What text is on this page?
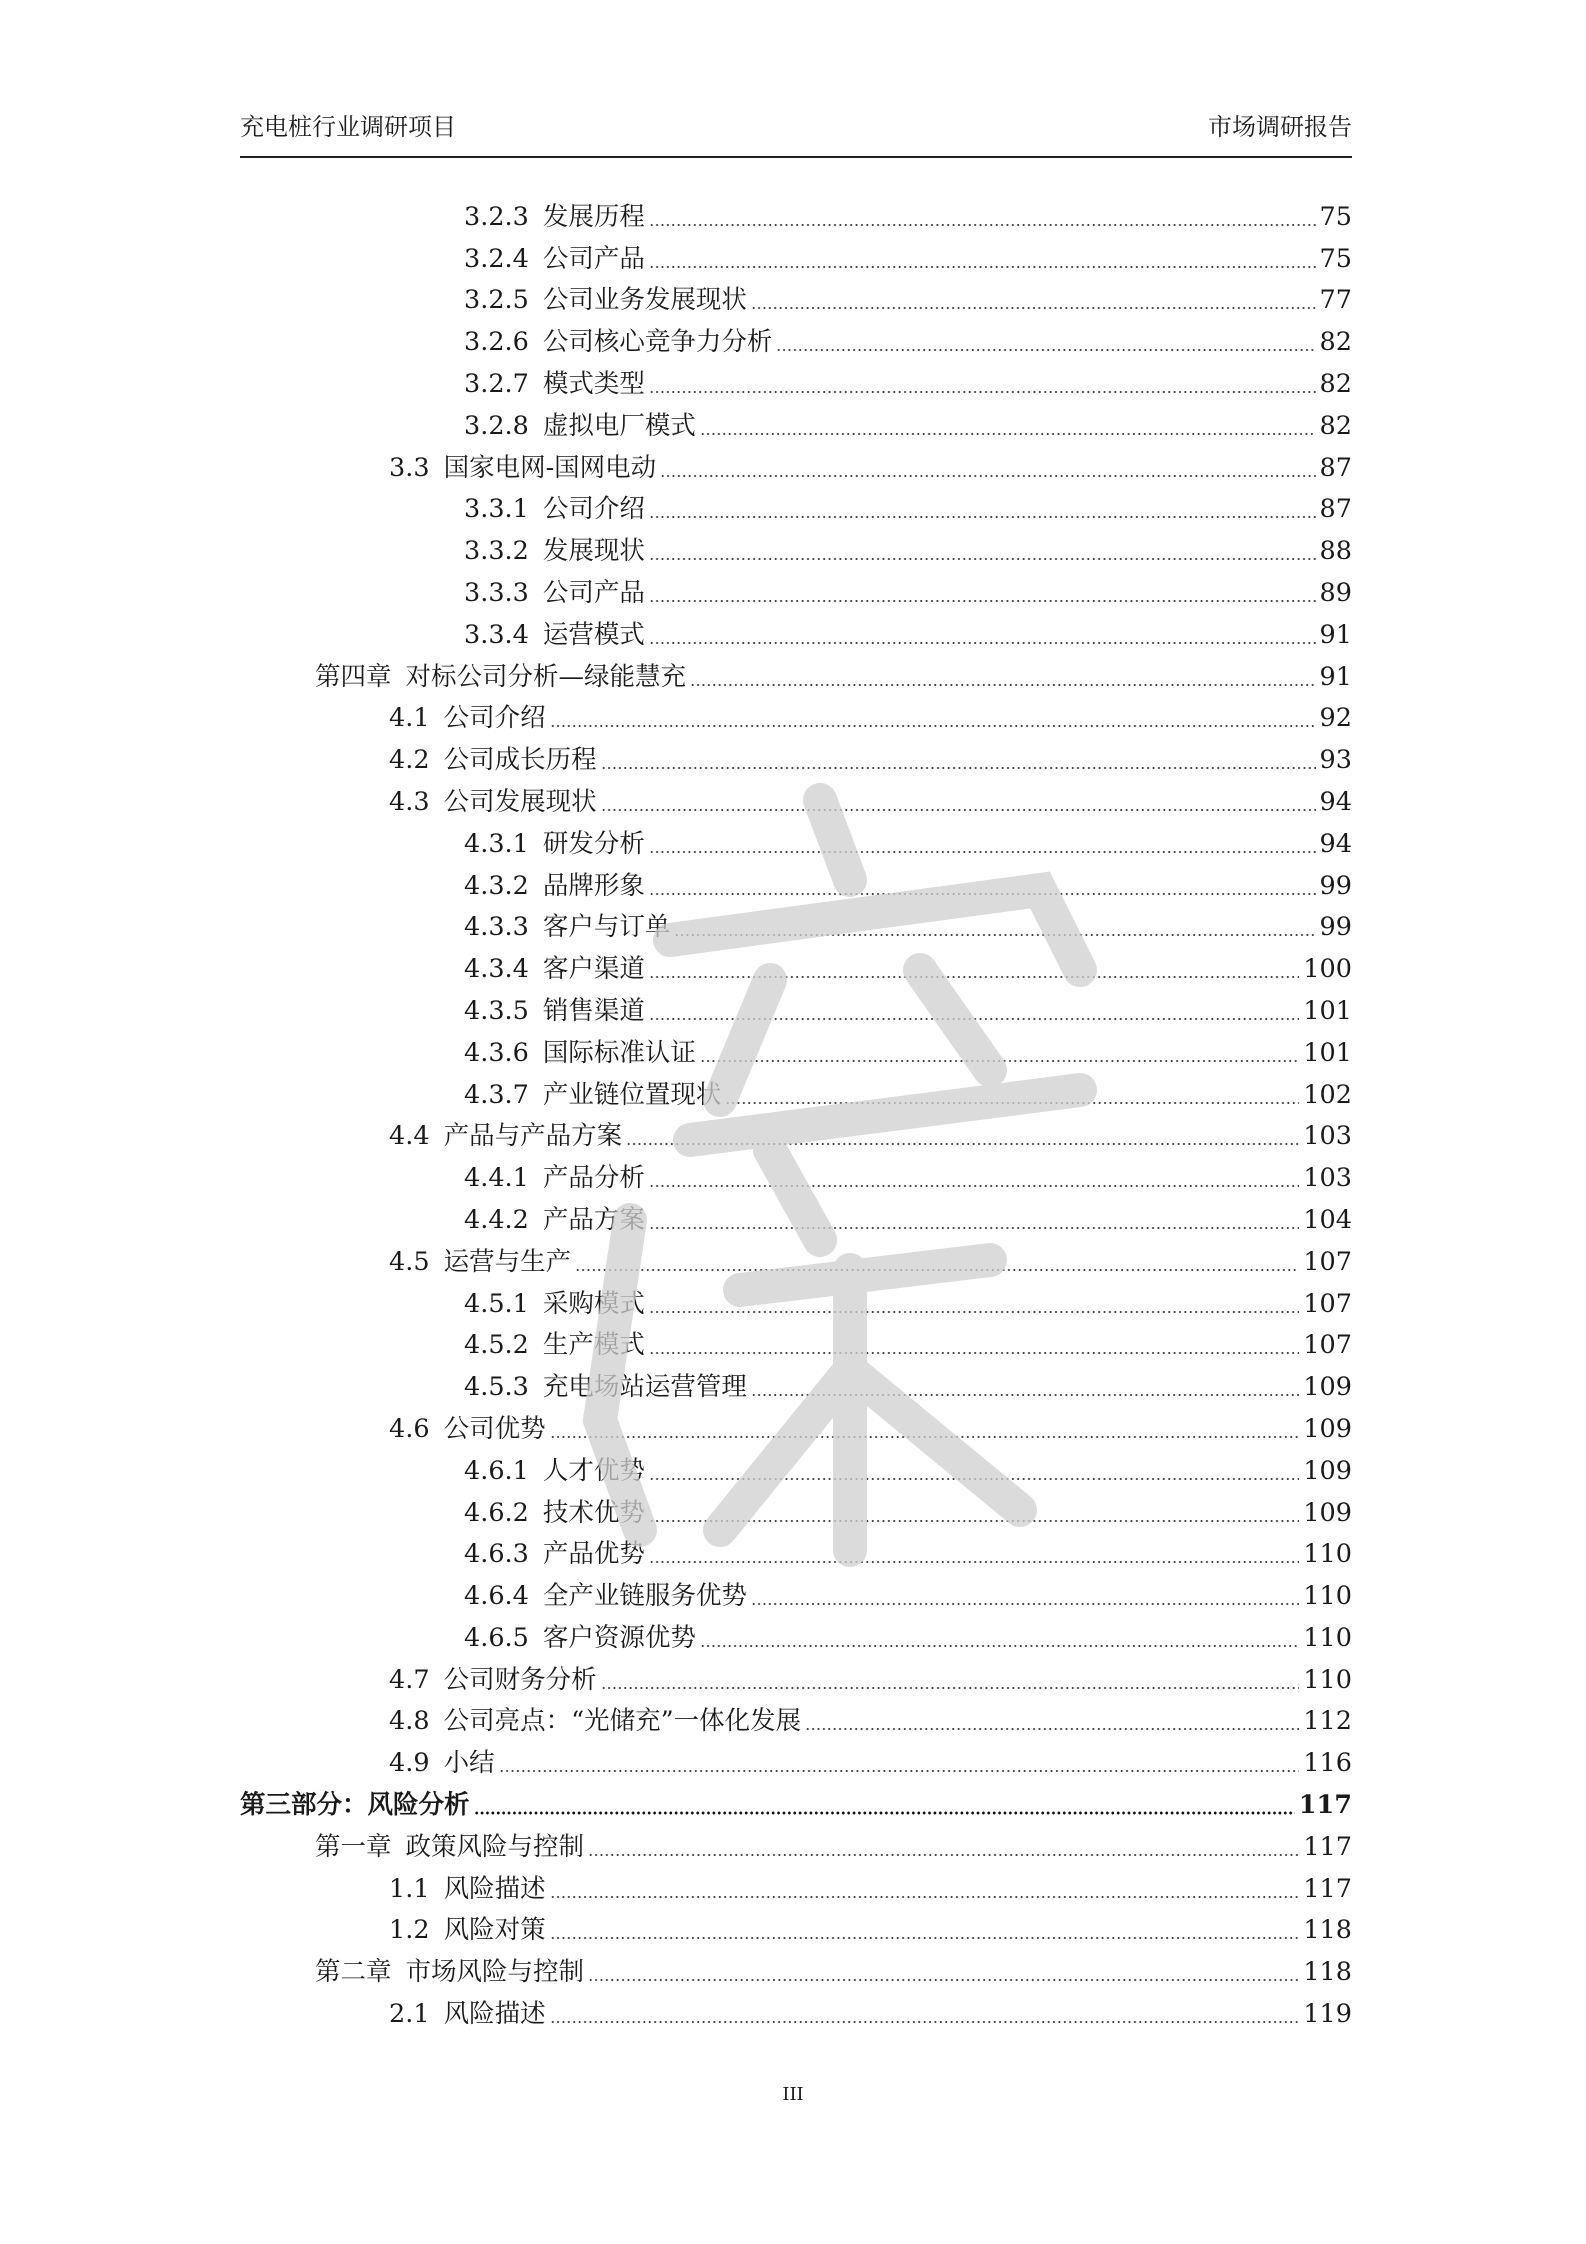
充电桩行业调研项目	市场调研报告
3.2.3 发展历程	75
3.2.4 公司产品	75
3.2.5 公司业务发展现状	77
3.2.6 公司核心竞争力分析	82
3.2.7 模式类型	82
3.2.8 虚拟电厂模式	82
3.3 国家电网-国网电动	87
3.3.1 公司介绍	87
3.3.2 发展现状	88
3.3.3 公司产品	89
3.3.4 运营模式	91
第四章 对标公司分析—绿能慧充	91
4.1 公司介绍	92
4.2 公司成长历程	93
4.3 公司发展现状	94
4.3.1 研发分析	94
4.3.2 品牌形象	99
4.3.3 客户与订单	99
4.3.4 客户渠道	100
4.3.5 销售渠道	101
4.3.6 国际标准认证	101
4.3.7 产业链位置现状	102
4.4 产品与产品方案	103
4.4.1 产品分析	103
4.4.2 产品方案	104
4.5 运营与生产	107
4.5.1 采购模式	107
4.5.2 生产模式	107
4.5.3 充电场站运营管理	109
4.6 公司优势	109
4.6.1 人才优势	109
4.6.2 技术优势	109
4.6.3 产品优势	110
4.6.4 全产业链服务优势	110
4.6.5 客户资源优势	110
4.7 公司财务分析	110
4.8 公司亮点：“光储充”一体化发展	112
4.9 小结	116
第三部分：风险分析	117
第一章 政策风险与控制	117
1.1 风险描述	117
1.2 风险对策	118
第二章 市场风险与控制	118
2.1 风险描述	119
III
